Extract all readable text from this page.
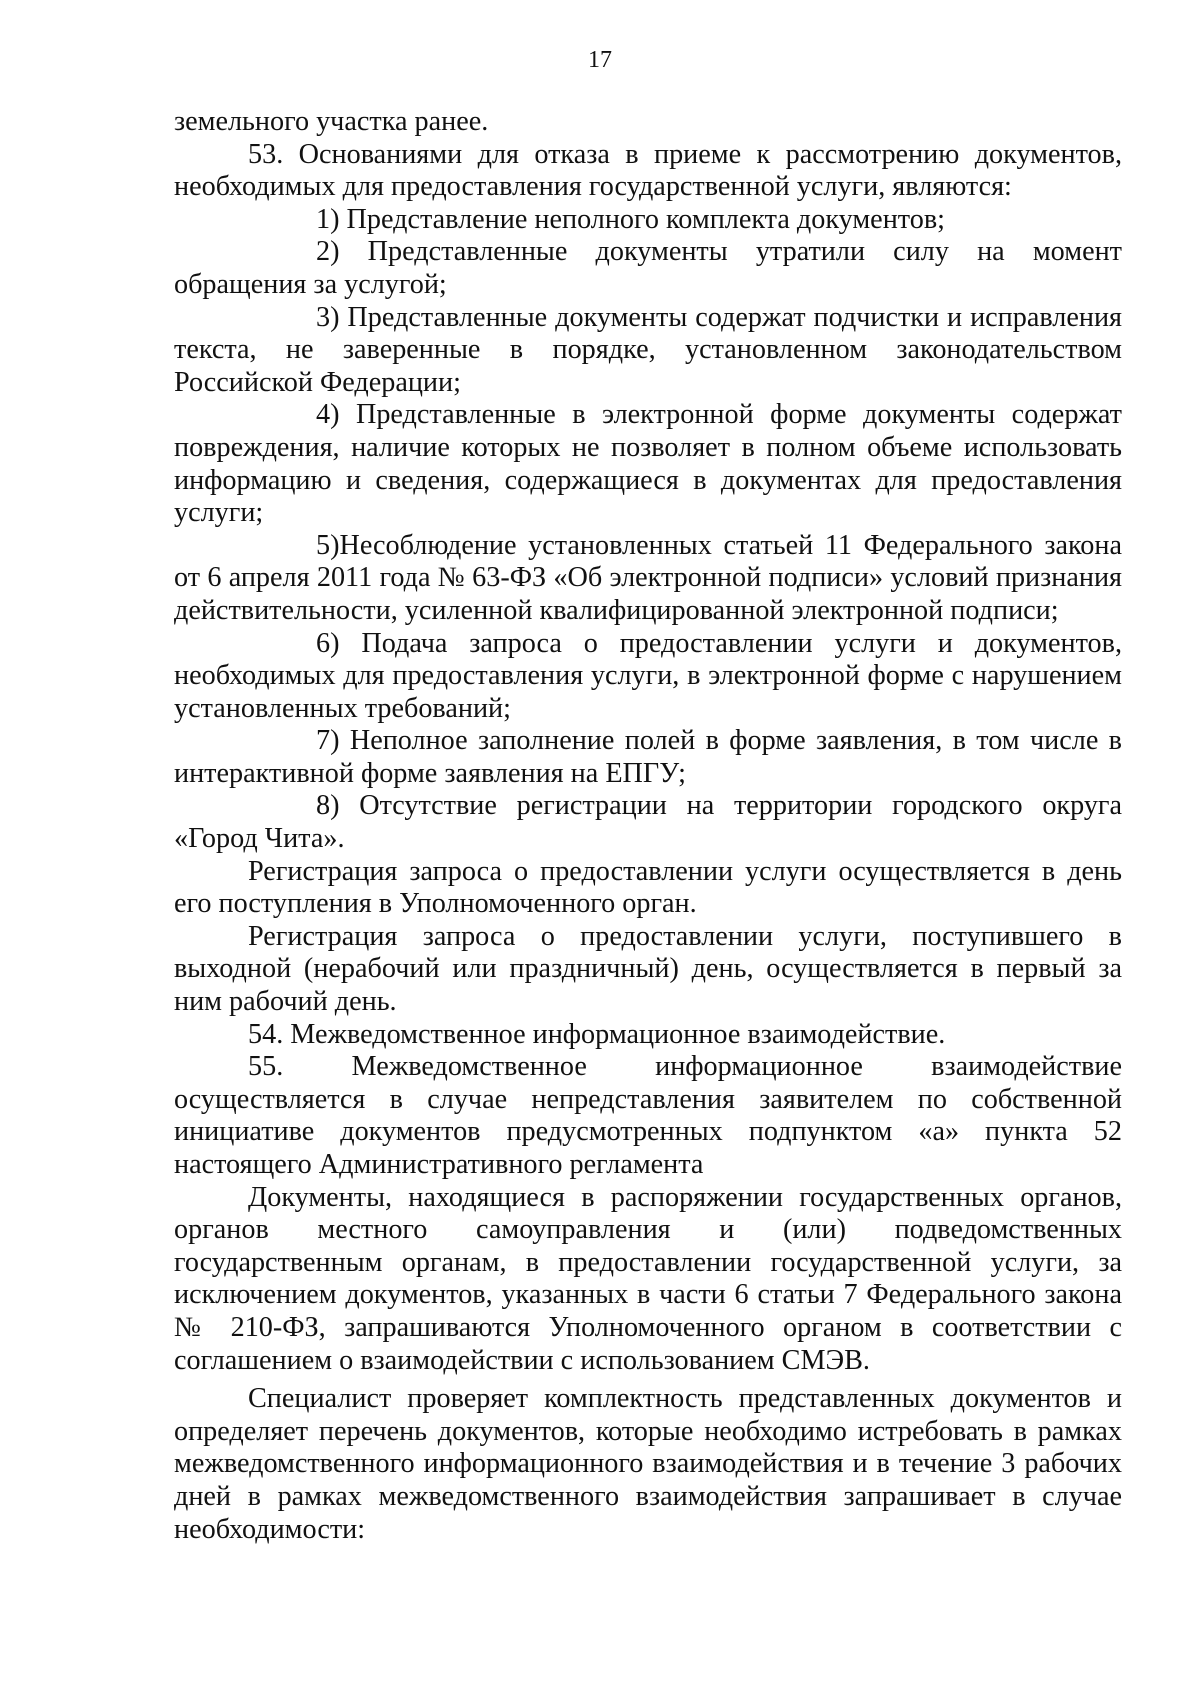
17

земельного участка ранее.

53. Основаниями для отказа в приеме к рассмотрению документов, необходимых для предоставления государственной услуги, являются:

1) Представление неполного комплекта документов;

2) Представленные документы утратили силу на момент обращения за услугой;

3) Представленные документы содержат подчистки и исправления текста, не заверенные в порядке, установленном законодательством Российской Федерации;

4) Представленные в электронной форме документы содержат повреждения, наличие которых не позволяет в полном объеме использовать информацию и сведения, содержащиеся в документах для предоставления услуги;

5)Несоблюдение установленных статьей 11 Федерального закона от 6 апреля 2011 года № 63-ФЗ «Об электронной подписи» условий признания действительности, усиленной квалифицированной электронной подписи;

6) Подача запроса о предоставлении услуги и документов, необходимых для предоставления услуги, в электронной форме с нарушением установленных требований;

7) Неполное заполнение полей в форме заявления, в том числе в интерактивной форме заявления на ЕПГУ;

8) Отсутствие регистрации на территории городского округа «Город Чита».

Регистрация запроса о предоставлении услуги осуществляется в день его поступления в Уполномоченного орган.

Регистрация запроса о предоставлении услуги, поступившего в выходной (нерабочий или праздничный) день, осуществляется в первый за ним рабочий день.

54. Межведомственное информационное взаимодействие.

55. Межведомственное информационное взаимодействие осуществляется в случае непредставления заявителем по собственной инициативе документов предусмотренных подпунктом «а» пункта 52 настоящего Административного регламента

Документы, находящиеся в распоряжении государственных органов, органов местного самоуправления и (или) подведомственных государственным органам, в предоставлении государственной услуги, за исключением документов, указанных в части 6 статьи 7 Федерального закона № 210-ФЗ, запрашиваются Уполномоченного органом в соответствии с соглашением о взаимодействии с использованием СМЭВ.

Специалист проверяет комплектность представленных документов и определяет перечень документов, которые необходимо истребовать в рамках межведомственного информационного взаимодействия и в течение 3 рабочих дней в рамках межведомственного взаимодействия запрашивает в случае необходимости:
